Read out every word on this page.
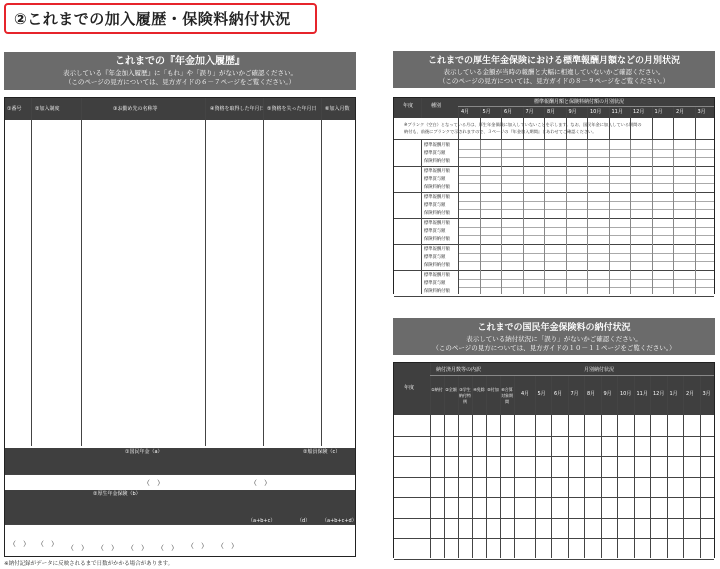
②これまでの加入履歴・保険料納付状況
これまでの『年金加入履歴』
表示している『年金加入履歴』に「もれ」や「誤り」がないかご確認ください。
（このページの見方については、見方ガイドの６－７ページをご覧ください。）
①番号	②加入制度	③お勤め先の名称等	④資格を取得した年月日 ⑤資格を失った年月日 ⑥加入月数
①国民年金（a）	②船員保険（c）
②厚生年金保険（b）
（a+b+c）	（d） （a+b+c+d）
（　）	（　）
（　） （　） （　） （　） （　） （　） （　） （　）
※納付記録がデータに反映されるまで日数がかかる場合があります。
これまでの厚生年金保険における標準報酬月額などの月別状況
表示している金額が当時の報酬と大幅に相違していないかご確認ください。
（このページの見方については、見方ガイドの８－９ページをご覧ください。）
年度	種別
標準報酬月額と保険料納付額の月別状況
※ブランク（空白）となっている月は、厚生年金保険に加入していないことを示します。なお、国民年金に加入している期間の
納付も、前後にブランクで示されますので、３ページの『年金加入期間』とあわせてご確認ください。
4月	5月	6月	7月	8月	9月	10月 11月 12月 1月	2月	3月
標準報酬月額
標準賞与額
保険料納付額
標準報酬月額
標準賞与額
保険料納付額
標準報酬月額
標準賞与額
保険料納付額
標準報酬月額
標準賞与額
保険料納付額
標準報酬月額
標準賞与額
保険料納付額
標準報酬月額
標準賞与額
保険料納付額
これまでの国民年金保険料の納付状況
表示している納付状況に「誤り」がないかご確認ください。
（このページの見方については、見方ガイドの１０－１１ページをご覧ください。）
年度
納付済月数等の内訳	月別納付状況
①納付 ②全額 ③学生納付特例
④免除 ⑤付加 ⑥合算対象期間
4月 5月 6月 7月 8月 9月 10月 11月 12月 1月 2月 3月
